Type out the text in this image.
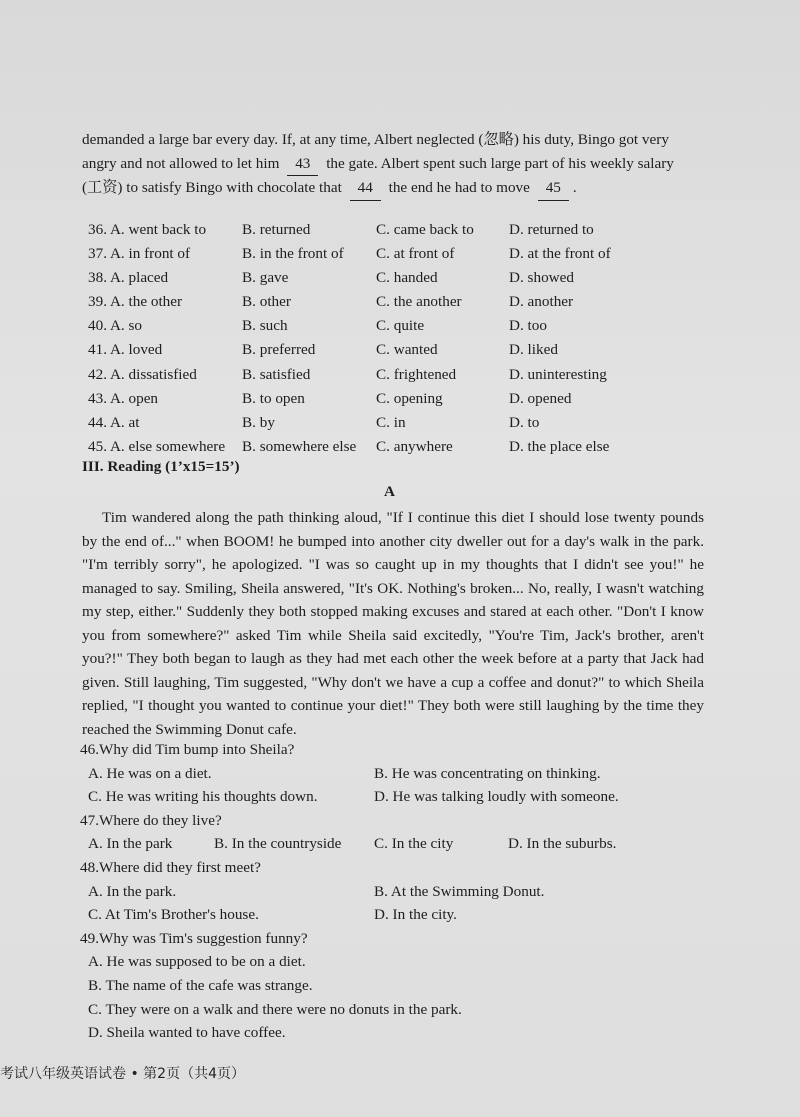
demanded a large bar every day. If, at any time, Albert neglected (忽略) his duty, Bingo got very
angry and not allowed to let him 43 the gate. Albert spent such large part of his weekly salary
(工资) to satisfy Bingo with chocolate that 44 the end he had to move 45 .
36. A. went back to	B. returned	C. came back to	D. returned to
37. A. in front of	B. in the front of	C. at front of	D. at the front of
38. A. placed	B. gave	C. handed	D. showed
39. A. the other	B. other	C. the another	D. another
40. A. so	B. such	C. quite	D. too
41. A. loved	B. preferred	C. wanted	D. liked
42. A. dissatisfied	B. satisfied	C. frightened	D. uninteresting
43. A. open	B. to open	C. opening	D. opened
44. A. at	B. by	C. in	D. to
45. A. else somewhere	B. somewhere else	C. anywhere	D. the place else
III. Reading (1’x15=15’)
A
Tim wandered along the path thinking aloud, "If I continue this diet I should lose twenty pounds by the end of..." when BOOM! he bumped into another city dweller out for a day's walk in the park. "I'm terribly sorry", he apologized. "I was so caught up in my thoughts that I didn't see you!" he managed to say. Smiling, Sheila answered, "It's OK. Nothing's broken... No, really, I wasn't watching my step, either." Suddenly they both stopped making excuses and stared at each other. "Don't I know you from somewhere?" asked Tim while Sheila said excitedly, "You're Tim, Jack's brother, aren't you?!" They both began to laugh as they had met each other the week before at a party that Jack had given. Still laughing, Tim suggested, "Why don't we have a cup a coffee and donut?" to which Sheila replied, "I thought you wanted to continue your diet!" They both were still laughing by the time they reached the Swimming Donut cafe.
46.Why did Tim bump into Sheila?
A. He was on a diet.	B. He was concentrating on thinking.
C. He was writing his thoughts down.	D. He was talking loudly with someone.
47.Where do they live?
A. In the park	B. In the countryside	C. In the city	D. In the suburbs.
48.Where did they first meet?
A. In the park.	B. At the Swimming Donut.
C. At Tim's Brother's house.	D. In the city.
49.Why was Tim's suggestion funny?
A. He was supposed to be on a diet.
B. The name of the cafe was strange.
C. They were on a walk and there were no donuts in the park.
D. Sheila wanted to have coffee.
考试八年级英语试卷 • 第2页（共4页）
